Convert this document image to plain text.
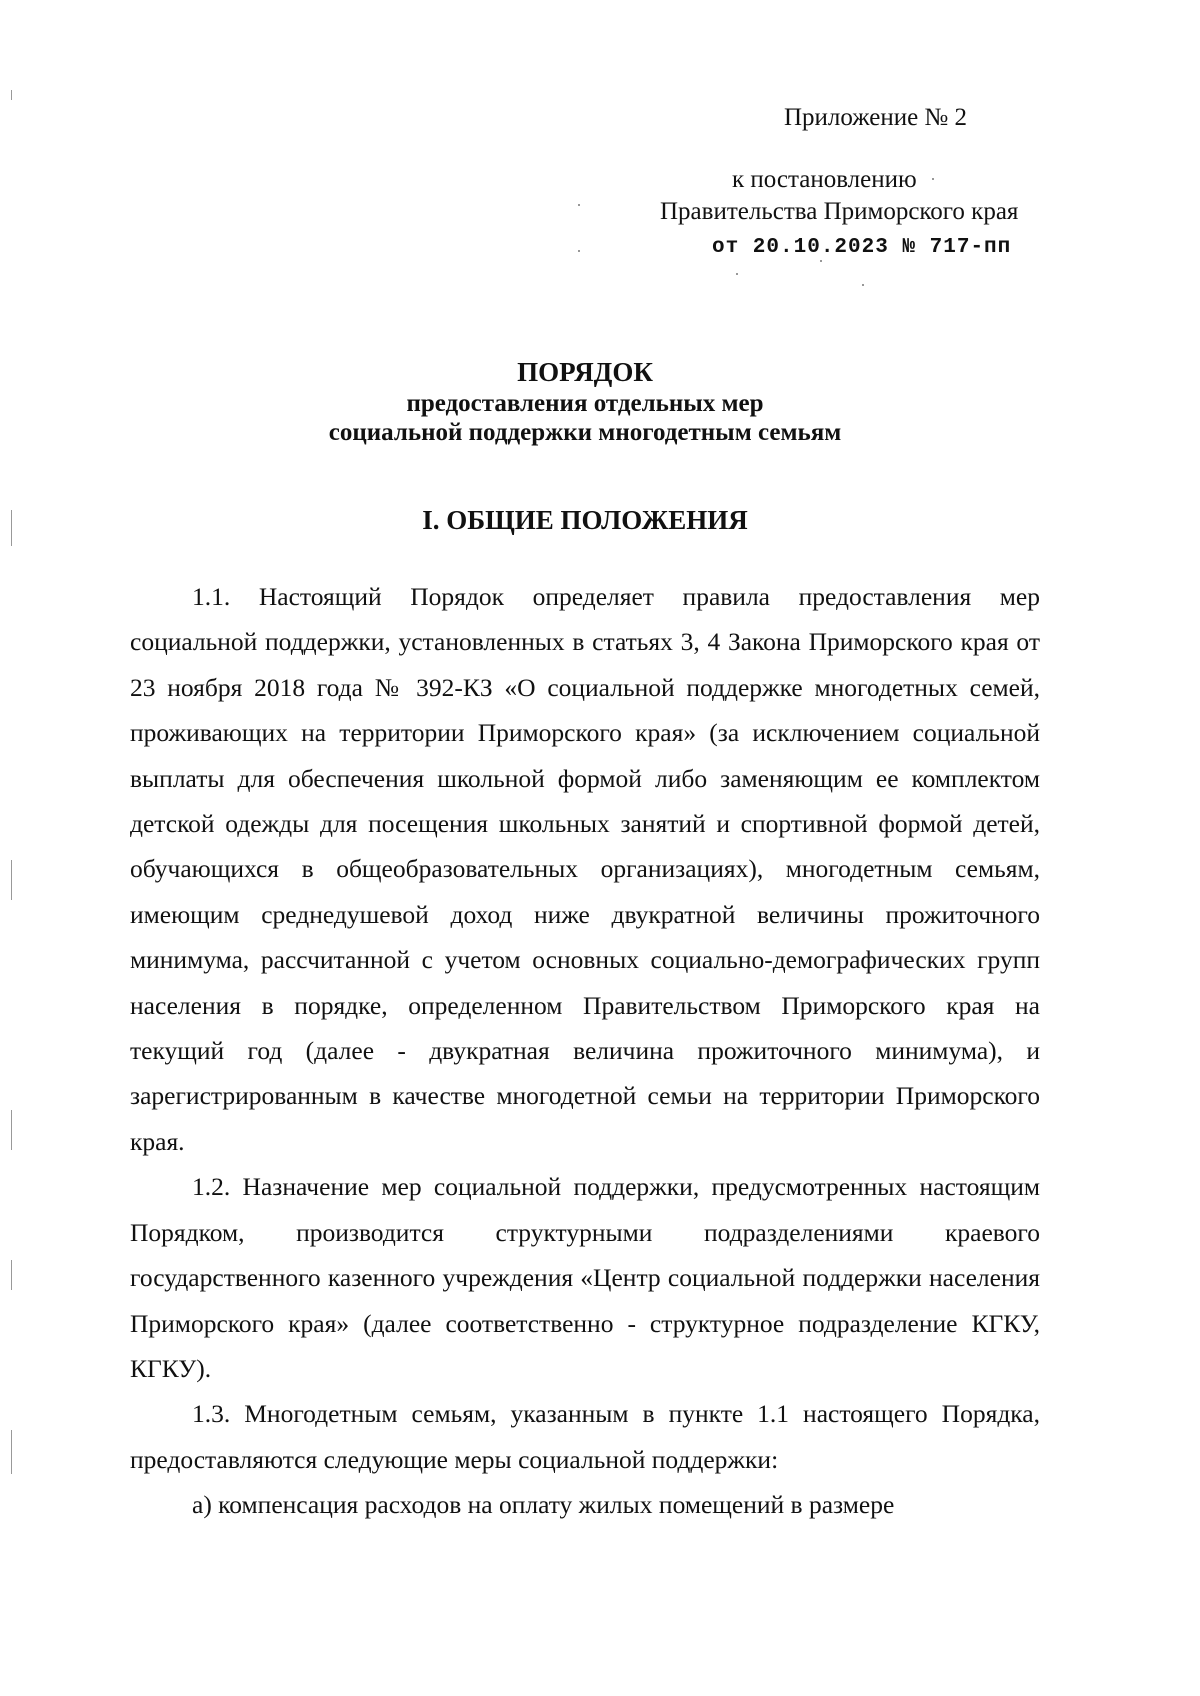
Приложение № 2
к постановлению
Правительства Приморского края
от 20.10.2023 № 717-пп
ПОРЯДОК
предоставления отдельных мер
социальной поддержки многодетным семьям
I. ОБЩИЕ ПОЛОЖЕНИЯ

1.1. Настоящий Порядок определяет правила предоставления мер социальной поддержки, установленных в статьях 3, 4 Закона Приморского края от 23 ноября 2018 года № 392-КЗ «О социальной поддержке многодетных семей, проживающих на территории Приморского края» (за исключением социальной выплаты для обеспечения школьной формой либо заменяющим ее комплектом детской одежды для посещения школьных занятий и спортивной формой детей, обучающихся в общеобразовательных организациях), многодетным семьям, имеющим среднедушевой доход ниже двукратной величины прожиточного минимума, рассчитанной с учетом основных социально-демографических групп населения в порядке, определенном Правительством Приморского края на текущий год (далее - двукратная величина прожиточного минимума), и зарегистрированным в качестве многодетной семьи на территории Приморского края.

1.2. Назначение мер социальной поддержки, предусмотренных настоящим Порядком, производится структурными подразделениями краевого государственного казенного учреждения «Центр социальной поддержки населения Приморского края» (далее соответственно - структурное подразделение КГКУ, КГКУ).

1.3. Многодетным семьям, указанным в пункте 1.1 настоящего Порядка, предоставляются следующие меры социальной поддержки:

а) компенсация расходов на оплату жилых помещений в размере
